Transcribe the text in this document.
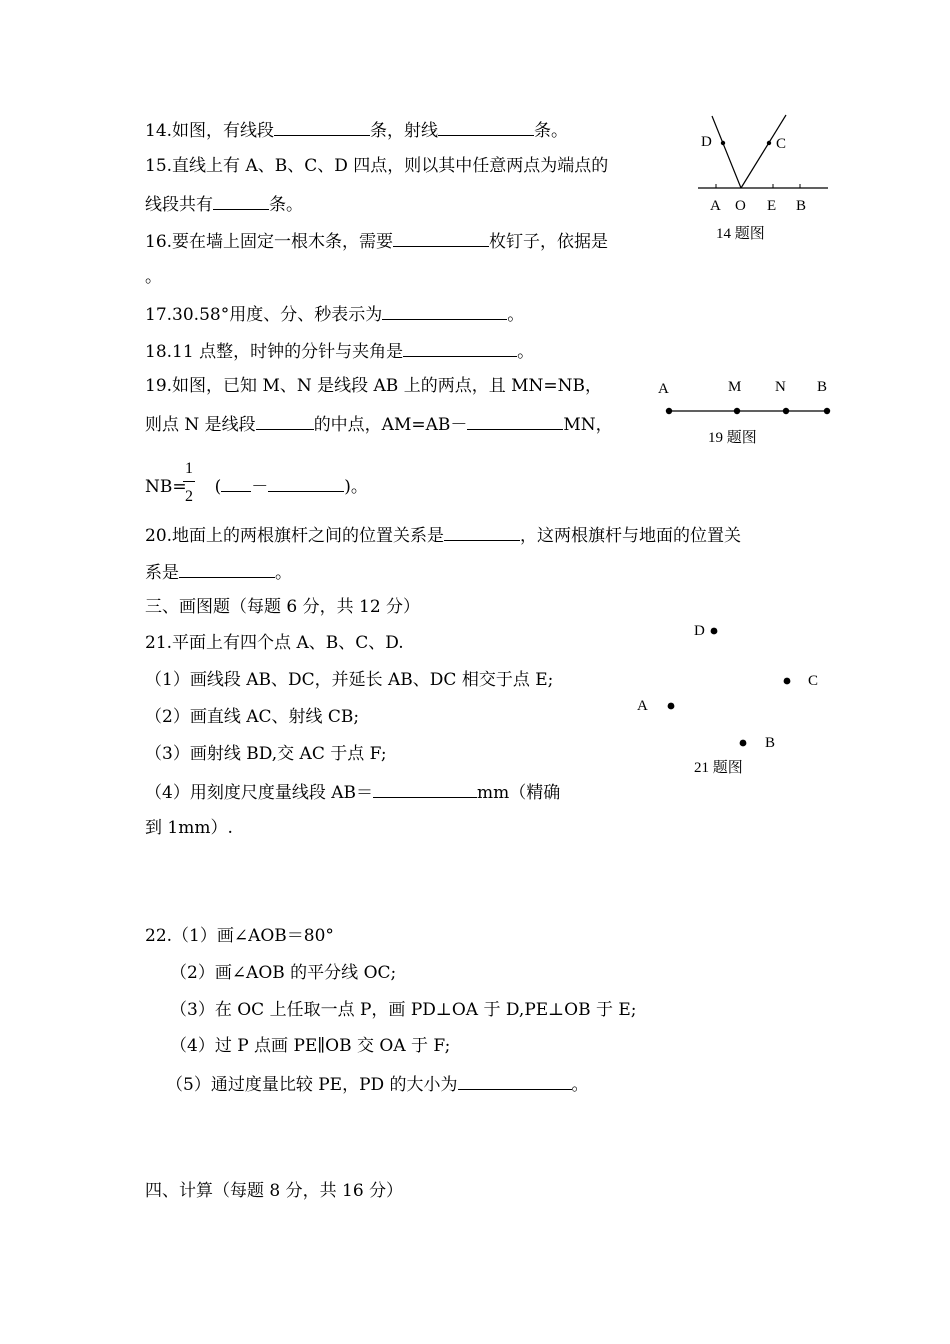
14.如图，有线段	条，射线	条。
15.直线上有 A、B、C、D 四点，则以其中任意两点为端点的
线段共有	条。
16.要在墙上固定一根木条，需要	枚钉子，依据是
。
17.30.58°用度、分、秒表示为	。
18.11 点整，时钟的分针与夹角是	。
19.如图，已知 M、N 是线段 AB 上的两点，且 MN=NB，
则点 N 是线段	的中点，AM=AB－	MN，
NB= ( －	)。
1
2
20.地面上的两根旗杆之间的位置关系是	，这两根旗杆与地面的位置关
系是	。
三、画图题（每题 6 分，共 12 分）
21.平面上有四个点 A、B、C、D.
（1）画线段 AB、DC，并延长 AB、DC 相交于点 E;
（2）画直线 AC、射线 CB;
（3）画射线 BD,交 AC 于点 F;
（4）用刻度尺度量线段 AB＝	mm（精确
到 1mm）.
22.（1）画∠AOB＝80°
（2）画∠AOB 的平分线 OC;
（3）在 OC 上任取一点 P，画 PD⊥OA 于 D,PE⊥OB 于 E;
（4）过 P 点画 PE∥OB 交 OA 于 F;
（5）通过度量比较 PE，PD 的大小为	。
四、计算（每题 8 分，共 16 分）
D	C
A O E B
14 题图
A	M N B
19 题图
D
C
A
B
21 题图
